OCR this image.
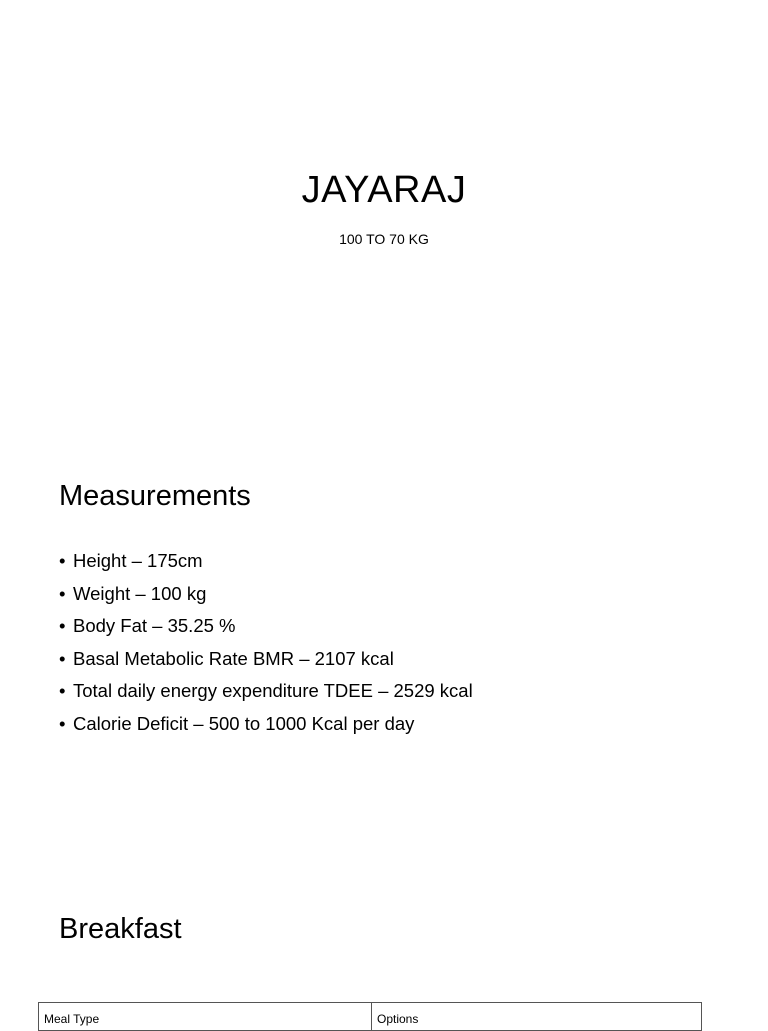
JAYARAJ

100 TO 70 KG

Measurements
• Height – 175cm
• Weight – 100 kg
• Body Fat – 35.25 %
• Basal Metabolic Rate BMR – 2107 kcal
• Total daily energy expenditure TDEE – 2529 kcal
• Calorie Deficit – 500 to 1000 Kcal per day
Breakfast
Meal Type	Options
